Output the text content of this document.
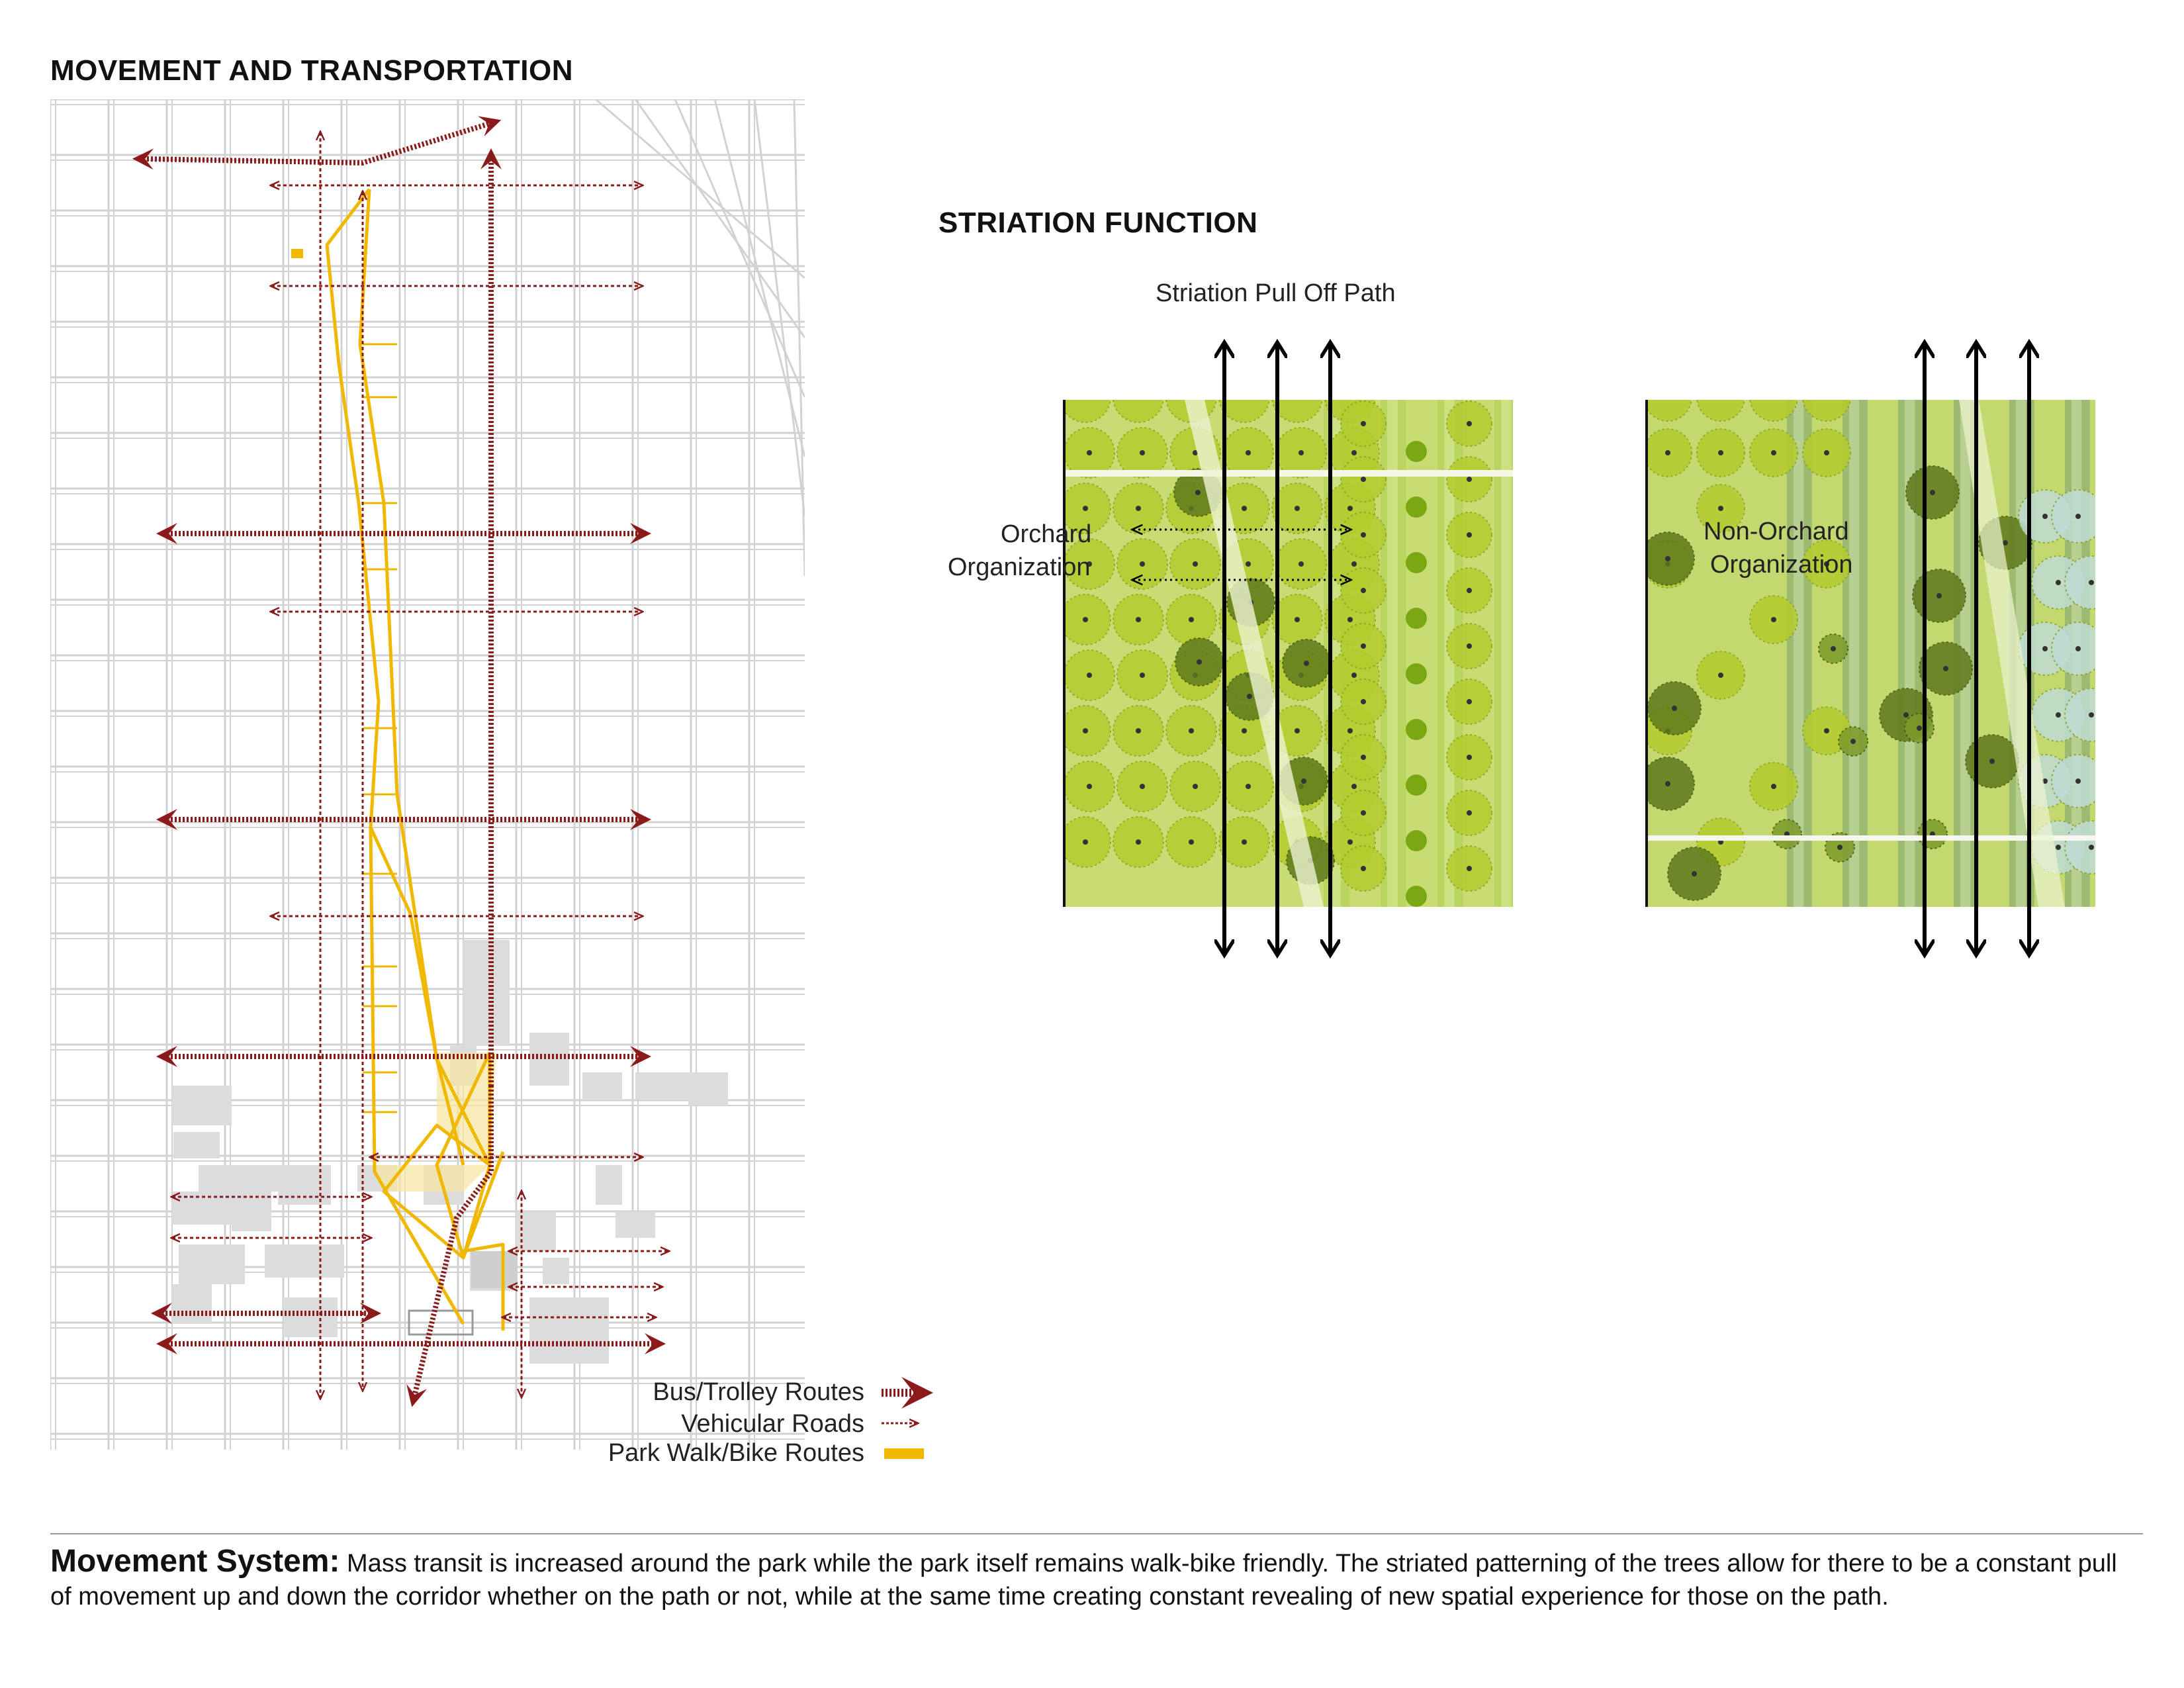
MOVEMENT AND TRANSPORTATION
STRIATION FUNCTION
Striation Pull Off Path
Orchard
Organization
Non-Orchard
Organization
Bus/Trolley Routes
Vehicular Roads
Park Walk/Bike Routes

Movement System: Mass transit is increased around the park while the park itself remains walk-bike friendly. The striated patterning of the trees allow for there to be a constant pull of movement up and down the corridor whether on the path or not, while at the same time creating constant revealing of new spatial experience for those on the path.
